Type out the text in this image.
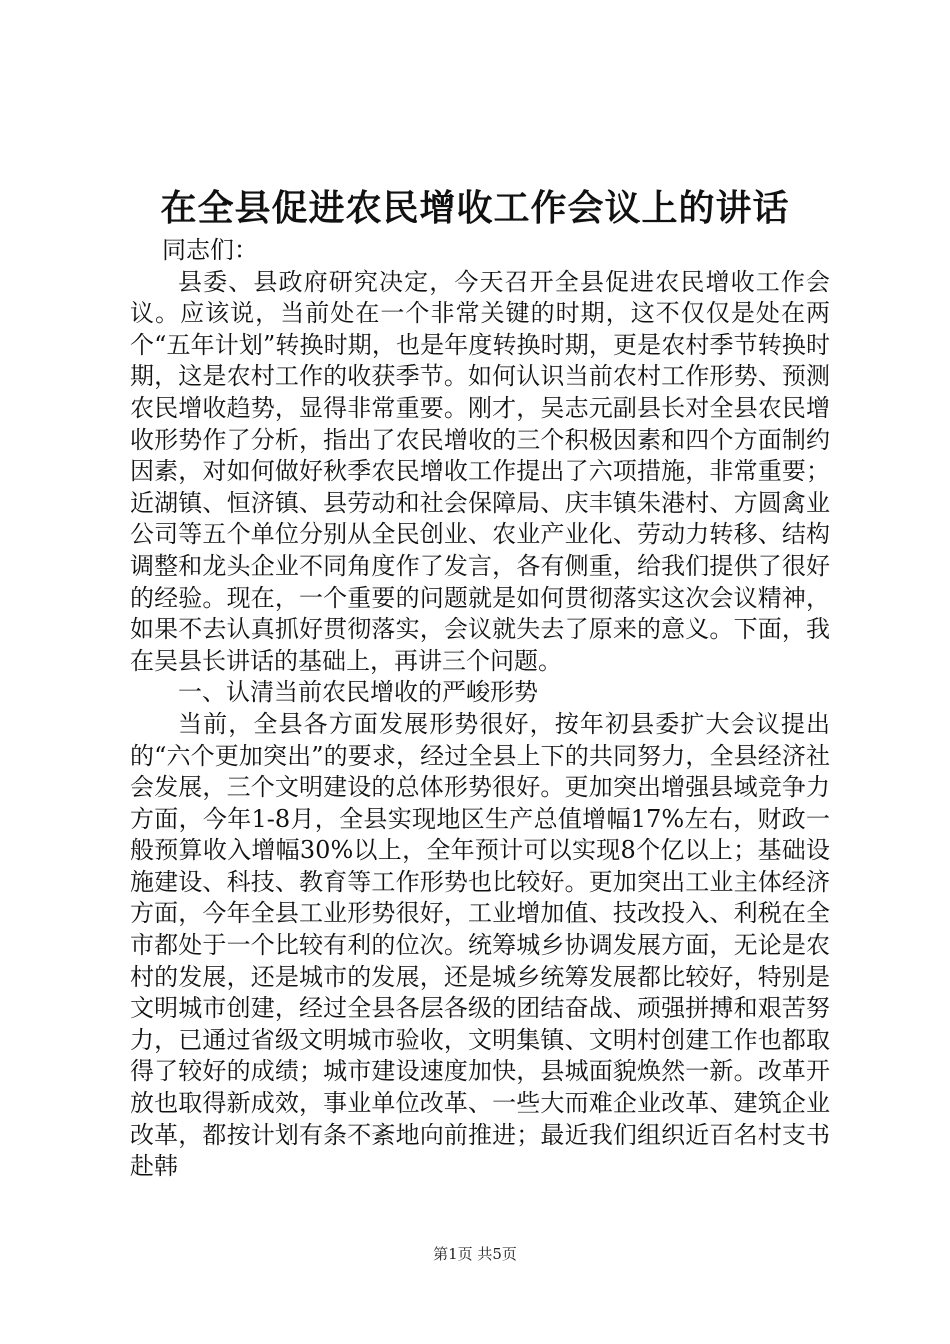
在全县促进农民增收工作会议上的讲话

同志们：

县委、县政府研究决定，今天召开全县促进农民增收工作会议。应该说，当前处在一个非常关键的时期，这不仅仅是处在两个“五年计划”转换时期，也是年度转换时期，更是农村季节转换时期，这是农村工作的收获季节。如何认识当前农村工作形势、预测农民增收趋势，显得非常重要。刚才，吴志元副县长对全县农民增收形势作了分析，指出了农民增收的三个积极因素和四个方面制约因素，对如何做好秋季农民增收工作提出了六项措施，非常重要；近湖镇、恒济镇、县劳动和社会保障局、庆丰镇朱港村、方圆禽业公司等五个单位分别从全民创业、农业产业化、劳动力转移、结构调整和龙头企业不同角度作了发言，各有侧重，给我们提供了很好的经验。现在，一个重要的问题就是如何贯彻落实这次会议精神，如果不去认真抓好贯彻落实，会议就失去了原来的意义。下面，我在吴县长讲话的基础上，再讲三个问题。

一、认清当前农民增收的严峻形势

当前，全县各方面发展形势很好，按年初县委扩大会议提出的“六个更加突出”的要求，经过全县上下的共同努力，全县经济社会发展，三个文明建设的总体形势很好。更加突出增强县域竞争力方面，今年1-8月，全县实现地区生产总值增幅17%左右，财政一般预算收入增幅30%以上，全年预计可以实现8个亿以上；基础设施建设、科技、教育等工作形势也比较好。更加突出工业主体经济方面，今年全县工业形势很好，工业增加值、技改投入、利税在全市都处于一个比较有利的位次。统筹城乡协调发展方面，无论是农村的发展，还是城市的发展，还是城乡统筹发展都比较好，特别是文明城市创建，经过全县各层各级的团结奋战、顽强拼搏和艰苦努力，已通过省级文明城市验收，文明集镇、文明村创建工作也都取得了较好的成绩；城市建设速度加快，县城面貌焕然一新。改革开放也取得新成效，事业单位改革、一些大而难企业改革、建筑企业改革，都按计划有条不紊地向前推进；最近我们组织近百名村支书赴韩

第1页 共5页
